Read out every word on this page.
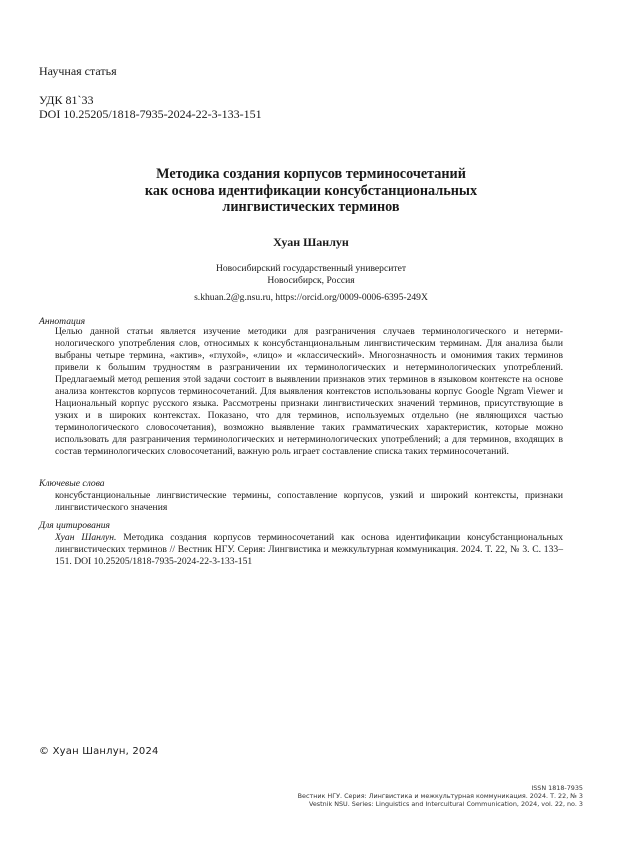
Научная статья
УДК 81`33
DOI 10.25205/1818-7935-2024-22-3-133-151
Методика создания корпусов терминосочетаний
как основа идентификации консубстанциональных
лингвистических терминов
Хуан Шанлун
Новосибирский государственный университет
Новосибирск, Россия
s.khuan.2@g.nsu.ru, https://orcid.org/0009-0006-6395-249X
Аннотация
Целью данной статьи является изучение методики для разграничения случаев терминологического и нетерминологического употребления слов, относимых к консубстанциональным лингвистическим терминам. Для анализа были выбраны четыре термина, «актив», «глухой», «лицо» и «классический». Многозначность и омонимия таких терминов привели к большим трудностям в разграничении их терминологических и нетерминологических употреблений. Предлагаемый метод решения этой задачи состоит в выявлении признаков этих терминов в языковом контексте на основе анализа контекстов корпусов терминосочетаний. Для выявления контекстов использованы корпус Google Ngram Viewer и Национальный корпус русского языка. Рассмотрены признаки лингвистических значений терминов, присутствующие в узких и в широких контекстах. Показано, что для терминов, используемых отдельно (не являющихся частью терминологического словосочетания), возможно выявление таких грамматических характеристик, которые можно использовать для разграничения терминологических и нетерминологических употреблений; а для терминов, входящих в состав терминологических словосочетаний, важную роль играет составление списка таких терминосочетаний.
Ключевые слова
консубстанциональные лингвистические термины, сопоставление корпусов, узкий и широкий контексты, признаки лингвистического значения
Для цитирования
Хуан Шанлун. Методика создания корпусов терминосочетаний как основа идентификации консубстанциональных лингвистических терминов // Вестник НГУ. Серия: Лингвистика и межкультурная коммуникация. 2024. Т. 22, № 3. С. 133–151. DOI 10.25205/1818-7935-2024-22-3-133-151
© Хуан Шанлун, 2024
ISSN 1818-7935
Вестник НГУ. Серия: Лингвистика и межкультурная коммуникация. 2024. Т. 22, № 3
Vestnik NSU. Series: Linguistics and Intercultural Communication, 2024, vol. 22, no. 3
